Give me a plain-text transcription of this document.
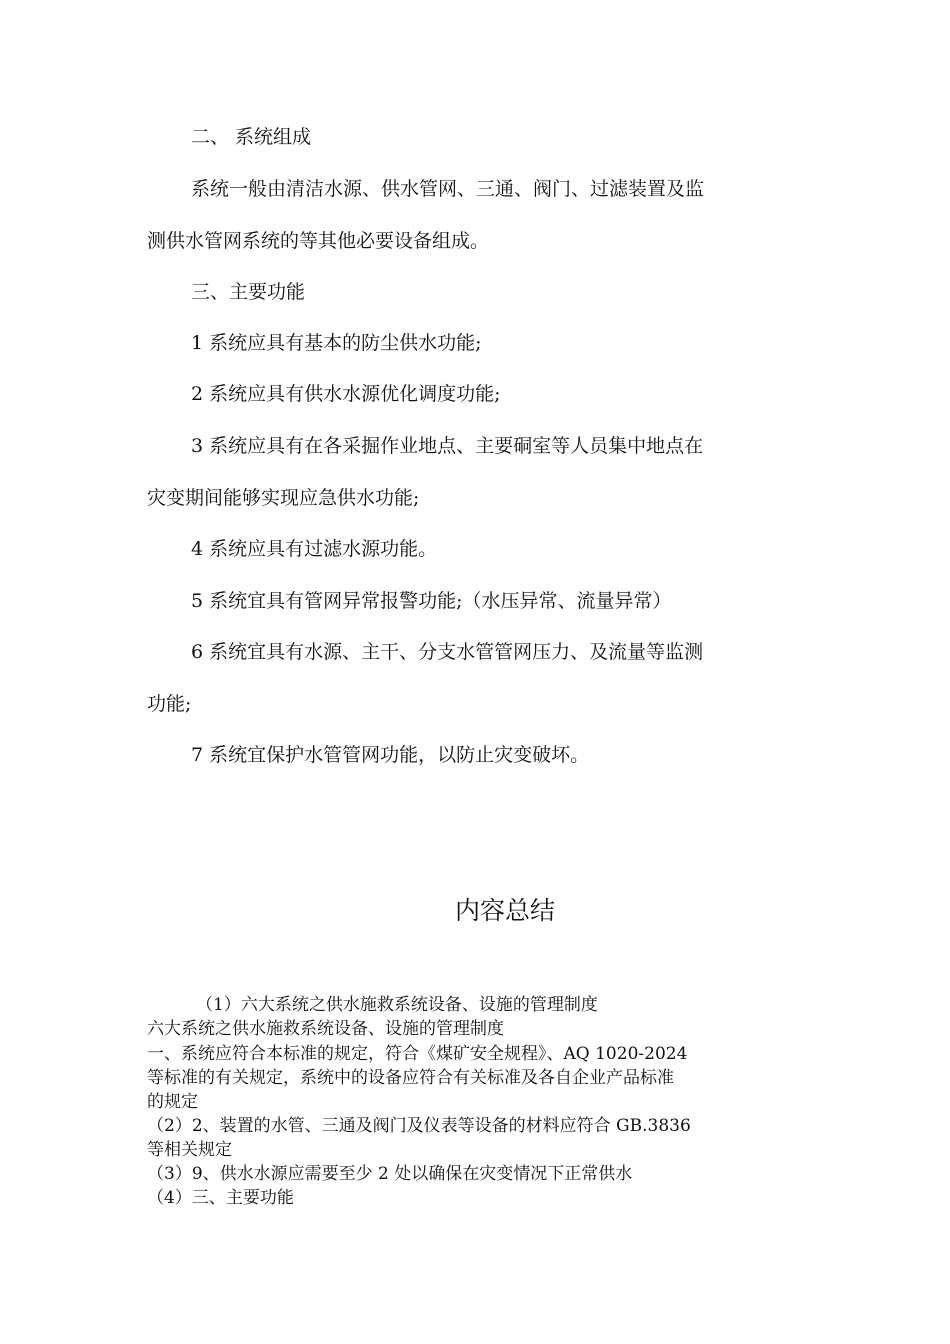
二、 系统组成
系统一般由清洁水源、供水管网、三通、阀门、过滤装置及监
测供水管网系统的等其他必要设备组成。
三、主要功能
1 系统应具有基本的防尘供水功能;
2 系统应具有供水水源优化调度功能;
3 系统应具有在各采掘作业地点、主要硐室等人员集中地点在
灾变期间能够实现应急供水功能;
4 系统应具有过滤水源功能。
5 系统宜具有管网异常报警功能;（水压异常、流量异常）
6 系统宜具有水源、主干、分支水管管网压力、及流量等监测
功能;
7 系统宜保护水管管网功能，以防止灾变破坏。
内容总结
（1）六大系统之供水施救系统设备、设施的管理制度
六大系统之供水施救系统设备、设施的管理制度
一、系统应符合本标准的规定，符合《煤矿安全规程》、AQ 1020-2024
等标准的有关规定，系统中的设备应符合有关标准及各自企业产品标准
的规定
（2）2、装置的水管、三通及阀门及仪表等设备的材料应符合 GB.3836
等相关规定
（3）9、供水水源应需要至少 2 处以确保在灾变情况下正常供水
（4）三、主要功能
